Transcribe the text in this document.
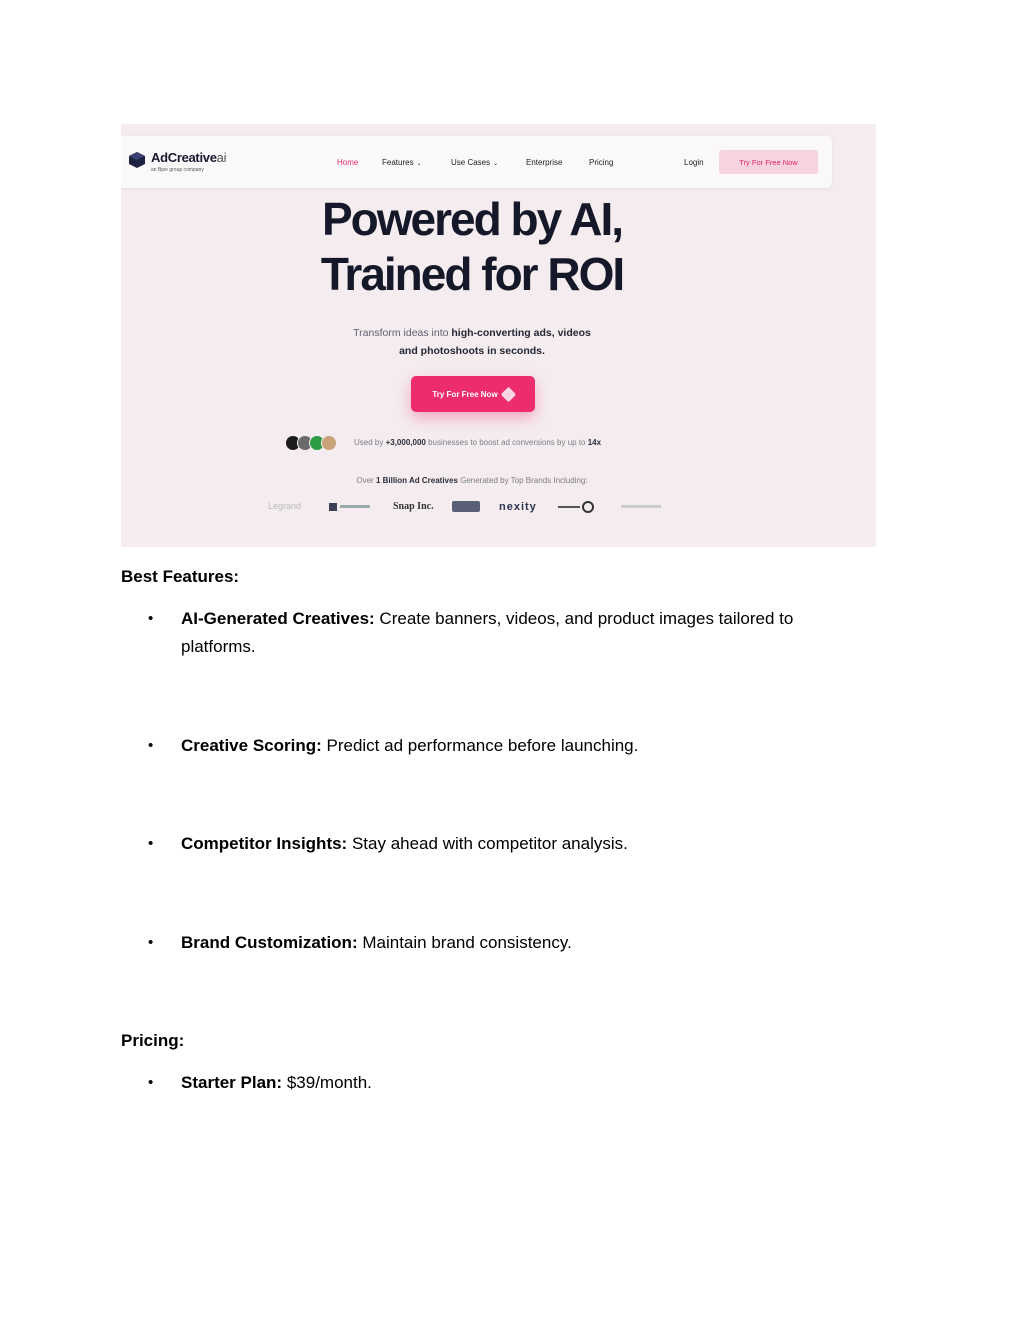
AdCreativeai
an Bpie group company
Home	Features ⌄	Use Cases ⌄	Enterprise	Pricing	Login	Try For Free Now
Powered by AI,
Trained for ROI
Transform ideas into high-converting ads, videos
and photoshoots in seconds.
Try For Free Now
Used by +3,000,000 businesses to boost ad conversions by up to 14x
Over 1 Billion Ad Creatives Generated by Top Brands Including:
Legrand	Snap Inc.	nexity
Best Features:
• AI-Generated Creatives: Create banners, videos, and product images tailored to platforms.
• Creative Scoring: Predict ad performance before launching.
• Competitor Insights: Stay ahead with competitor analysis.
• Brand Customization: Maintain brand consistency.
Pricing:
• Starter Plan: $39/month.
